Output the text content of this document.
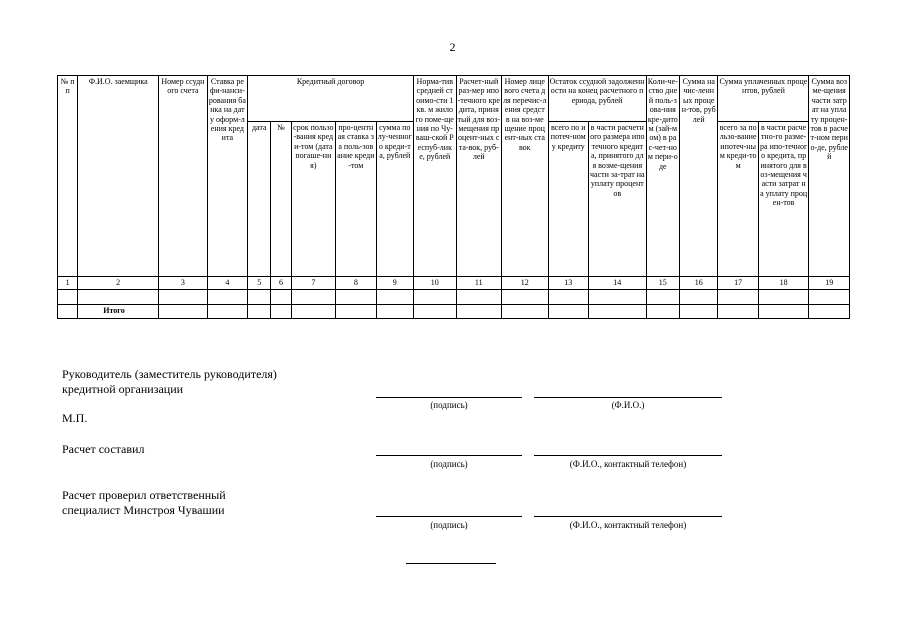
2
№ пп	Ф.И.О. заемщика	Номер ссудного счета	Ставка рефи-нанси-рования банка на дату оформ-ления кредита	Кредитный договор					Норма-тив средней стоимо-сти 1 кв. м жилого поме-щения по Чу-ваш-ской Респуб-лике, рублей	Расчет-ный раз-мер ипо-течного кредита, принятый для воз-мещения процент-ных ста-вок, руб-лей	Номер лицевого счета для перечис-ления средств на воз-мещение процент-ных ставок	Остаток ссудной задолженности на конец расчетного периода, рублей		Коли-че-ство дней поль-зова-ния кре-дитом (зай-мом) в рас-чет-ном пери-оде	Сумма начис-ленных процен-тов, рублей	Сумма уплаченных процентов, рублей		Сумма возме-щения части затрат на уплату процен-тов в расчет-ном перио-де, рублей
				дата	№	срок пользо-вания креди-том (дата погаше-ния)	про-центная ставка за поль-зование креди-том	сумма полу-ченного креди-та, рублей				всего по ипотеч-ному кредиту	в части расчетного размера ипотечного кредита, принятого для возме-щения части за-трат на уплату процентов			всего за пользо-вание ипотеч-ным креди-том	в части расчетно-го разме-ра ипо-течного кредита, принятого для воз-мещения части затрат на уплату процен-тов	
1	2	3	4	5	6	7	8	9	10	11	12	13	14	15	16	17	18	19

	Итого																	
Руководитель (заместитель руководителя) кредитной организации
(подпись)	(Ф.И.О.)
М.П.
Расчет составил
(подпись)	(Ф.И.О., контактный телефон)
Расчет проверил ответственный специалист Минстроя Чувашии
(подпись)	(Ф.И.О., контактный телефон)
